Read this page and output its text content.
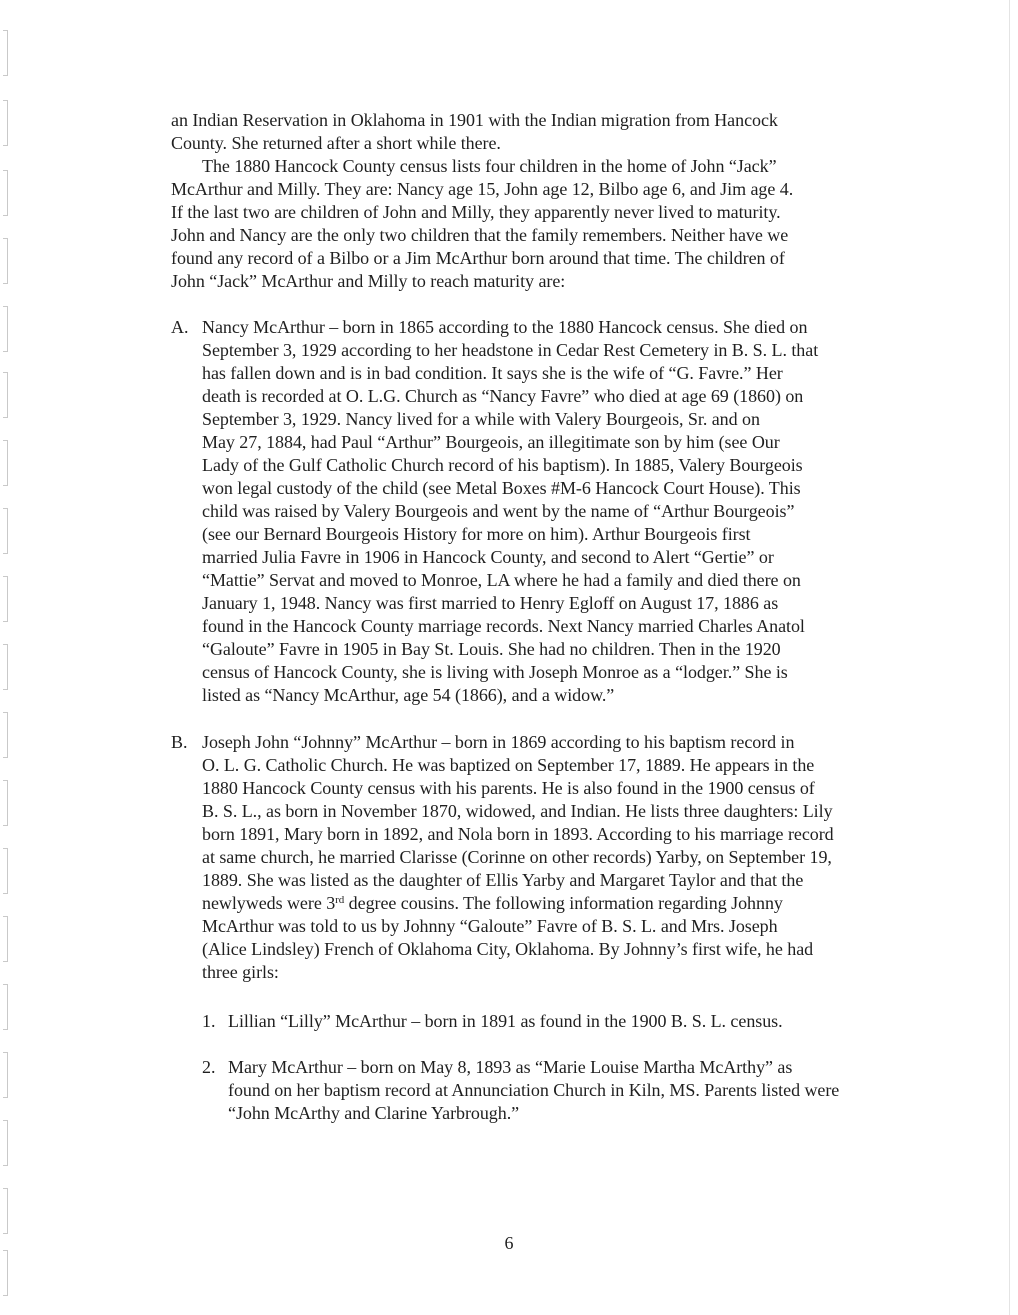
an Indian Reservation in Oklahoma in 1901 with the Indian migration from Hancock
County. She returned after a short while there.
The 1880 Hancock County census lists four children in the home of John “Jack”
McArthur and Milly. They are: Nancy age 15, John age 12, Bilbo age 6, and Jim age 4.
If the last two are children of John and Milly, they apparently never lived to maturity.
John and Nancy are the only two children that the family remembers. Neither have we
found any record of a Bilbo or a Jim McArthur born around that time. The children of
John “Jack” McArthur and Milly to reach maturity are:
A. Nancy McArthur – born in 1865 according to the 1880 Hancock census. She died on
September 3, 1929 according to her headstone in Cedar Rest Cemetery in B. S. L. that
has fallen down and is in bad condition. It says she is the wife of “G. Favre.” Her
death is recorded at O. L.G. Church as “Nancy Favre” who died at age 69 (1860) on
September 3, 1929. Nancy lived for a while with Valery Bourgeois, Sr. and on
May 27, 1884, had Paul “Arthur” Bourgeois, an illegitimate son by him (see Our
Lady of the Gulf Catholic Church record of his baptism). In 1885, Valery Bourgeois
won legal custody of the child (see Metal Boxes #M-6 Hancock Court House). This
child was raised by Valery Bourgeois and went by the name of “Arthur Bourgeois”
(see our Bernard Bourgeois History for more on him). Arthur Bourgeois first
married Julia Favre in 1906 in Hancock County, and second to Alert “Gertie” or
“Mattie” Servat and moved to Monroe, LA where he had a family and died there on
January 1, 1948. Nancy was first married to Henry Egloff on August 17, 1886 as
found in the Hancock County marriage records. Next Nancy married Charles Anatol
“Galoute” Favre in 1905 in Bay St. Louis. She had no children. Then in the 1920
census of Hancock County, she is living with Joseph Monroe as a “lodger.” She is
listed as “Nancy McArthur, age 54 (1866), and a widow.”
B. Joseph John “Johnny” McArthur – born in 1869 according to his baptism record in
O. L. G. Catholic Church. He was baptized on September 17, 1889. He appears in the
1880 Hancock County census with his parents. He is also found in the 1900 census of
B. S. L., as born in November 1870, widowed, and Indian. He lists three daughters: Lily
born 1891, Mary born in 1892, and Nola born in 1893. According to his marriage record
at same church, he married Clarisse (Corinne on other records) Yarby, on September 19,
1889. She was listed as the daughter of Ellis Yarby and Margaret Taylor and that the
newlyweds were 3rd degree cousins. The following information regarding Johnny
McArthur was told to us by Johnny “Galoute” Favre of B. S. L. and Mrs. Joseph
(Alice Lindsley) French of Oklahoma City, Oklahoma. By Johnny’s first wife, he had
three girls:
1. Lillian “Lilly” McArthur – born in 1891 as found in the 1900 B. S. L. census.
2. Mary McArthur – born on May 8, 1893 as “Marie Louise Martha McArthy” as
found on her baptism record at Annunciation Church in Kiln, MS. Parents listed were
“John McArthy and Clarine Yarbrough.”
6
